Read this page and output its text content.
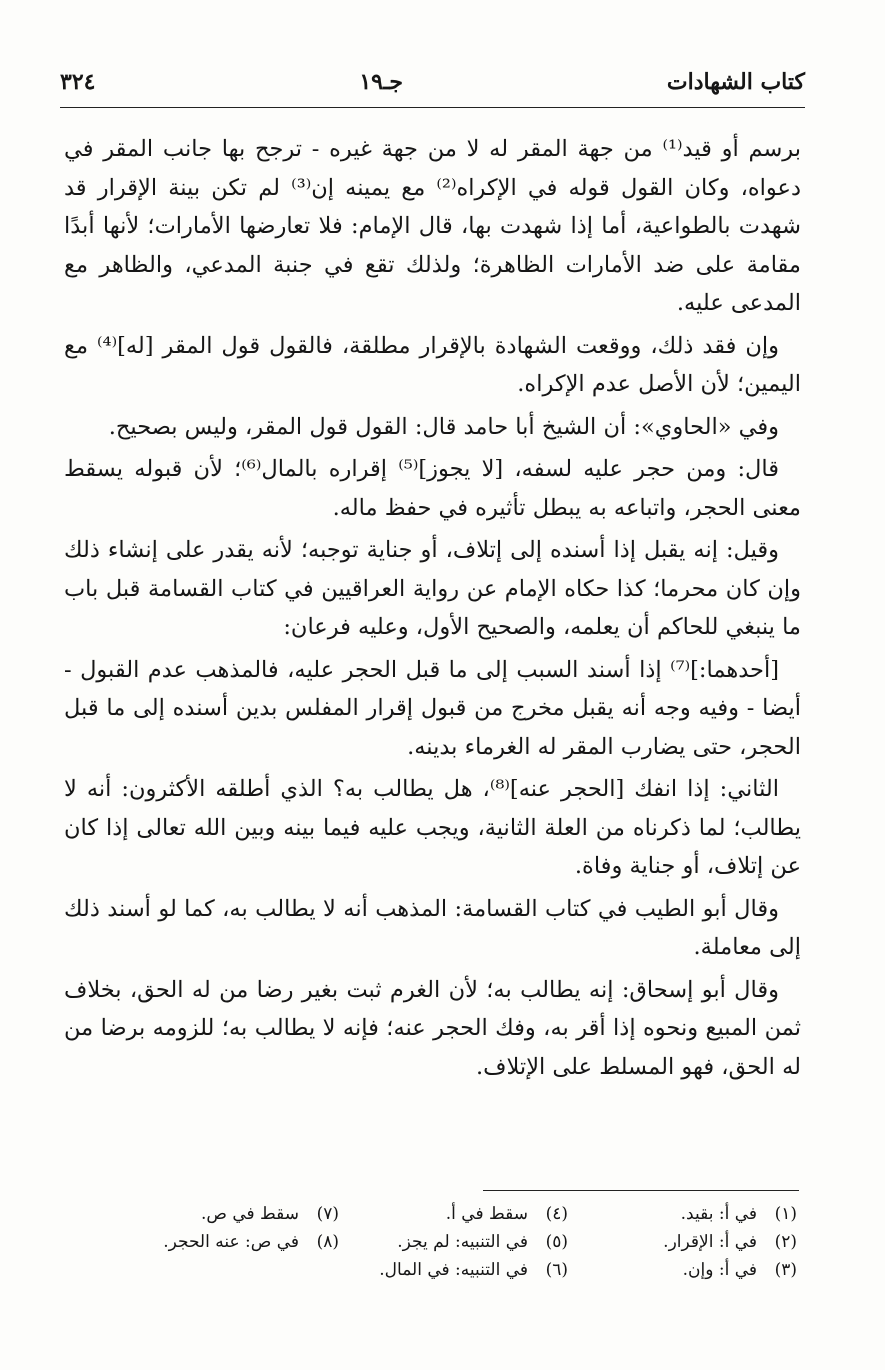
كتاب الشهادات
جـ١٩
٣٢٤

برسم أو قيد⁽¹⁾ من جهة المقر له لا من جهة غيره - ترجح بها جانب المقر في دعواه، وكان القول قوله في الإكراه⁽²⁾ مع يمينه إن⁽³⁾ لم تكن بينة الإقرار قد شهدت بالطواعية، أما إذا شهدت بها، قال الإمام: فلا تعارضها الأمارات؛ لأنها أبدًا مقامة على ضد الأمارات الظاهرة؛ ولذلك تقع في جنبة المدعي، والظاهر مع المدعى عليه.

وإن فقد ذلك، ووقعت الشهادة بالإقرار مطلقة، فالقول قول المقر [له]⁽⁴⁾ مع اليمين؛ لأن الأصل عدم الإكراه.

وفي «الحاوي»: أن الشيخ أبا حامد قال: القول قول المقر، وليس بصحيح.

قال: ومن حجر عليه لسفه، [لا يجوز]⁽⁵⁾ إقراره بالمال⁽⁶⁾؛ لأن قبوله يسقط معنى الحجر، واتباعه به يبطل تأثيره في حفظ ماله.

وقيل: إنه يقبل إذا أسنده إلى إتلاف، أو جناية توجبه؛ لأنه يقدر على إنشاء ذلك وإن كان محرما؛ كذا حكاه الإمام عن رواية العراقيين في كتاب القسامة قبل باب ما ينبغي للحاكم أن يعلمه، والصحيح الأول، وعليه فرعان:

[أحدهما:]⁽⁷⁾ إذا أسند السبب إلى ما قبل الحجر عليه، فالمذهب عدم القبول - أيضا - وفيه وجه أنه يقبل مخرج من قبول إقرار المفلس بدين أسنده إلى ما قبل الحجر، حتى يضارب المقر له الغرماء بدينه.

الثاني: إذا انفك [الحجر عنه]⁽⁸⁾، هل يطالب به؟ الذي أطلقه الأكثرون: أنه لا يطالب؛ لما ذكرناه من العلة الثانية، ويجب عليه فيما بينه وبين الله تعالى إذا كان عن إتلاف، أو جناية وفاة.

وقال أبو الطيب في كتاب القسامة: المذهب أنه لا يطالب به، كما لو أسند ذلك إلى معاملة.

وقال أبو إسحاق: إنه يطالب به؛ لأن الغرم ثبت بغير رضا من له الحق، بخلاف ثمن المبيع ونحوه إذا أقر به، وفك الحجر عنه؛ فإنه لا يطالب به؛ للزومه برضا من له الحق، فهو المسلط على الإتلاف.

(١)في أ: بقيد.
(٢)في أ: الإقرار.
(٣)في أ: وإن.
(٤)سقط في أ.
(٥)في التنبيه: لم يجز.
(٦)في التنبيه: في المال.
(٧)سقط في ص.
(٨)في ص: عنه الحجر.
